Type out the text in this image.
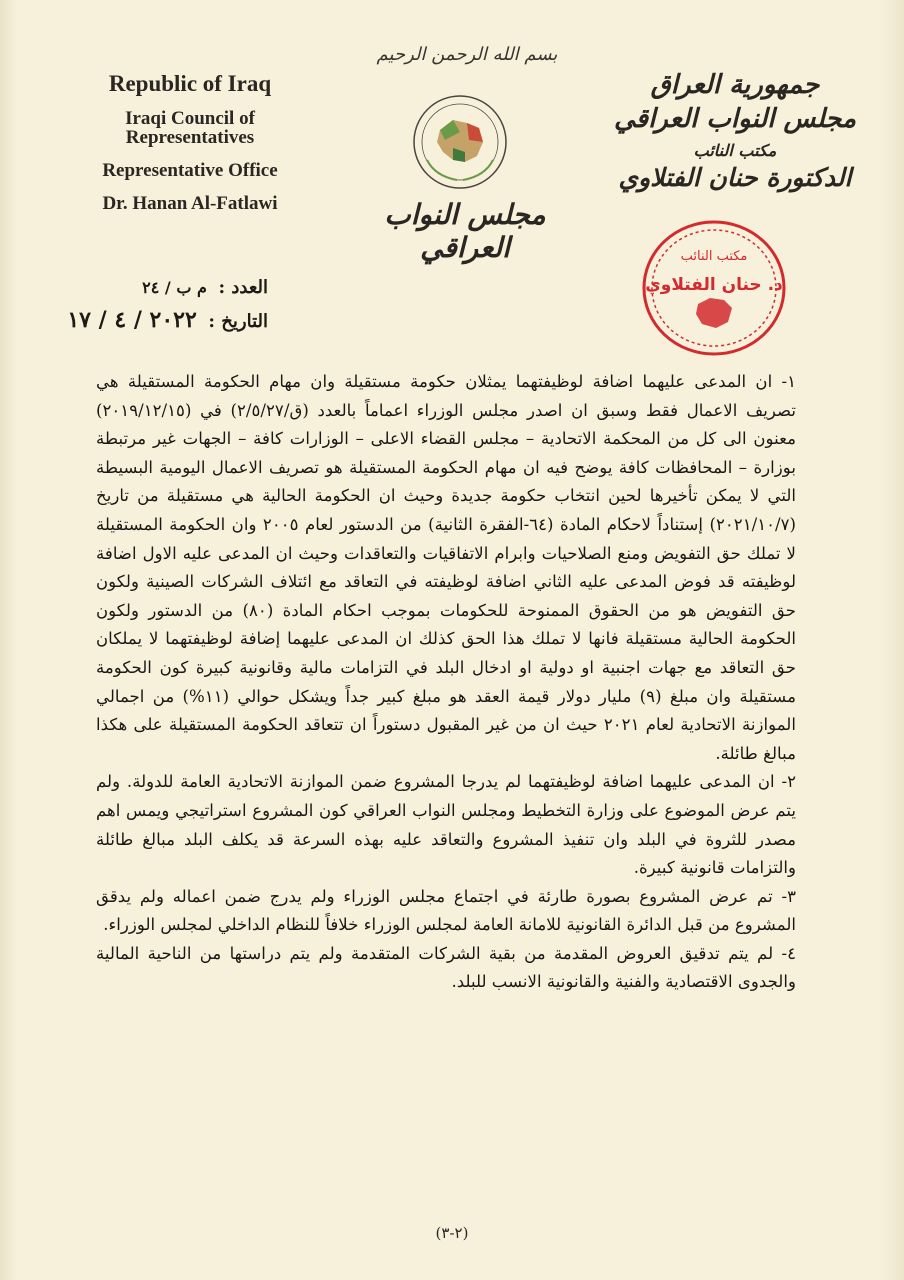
Republic of Iraq
Iraqi Council of Representatives
Representative Office
Dr. Hanan Al-Fatlawi
بسم الله الرحمن الرحيم
مجلس النواب العراقي
جمهورية العراق
مجلس النواب العراقي
مكتب النائب
الدكتورة حنان الفتلاوي
مكتب النائب
د. حنان الفتلاوي
العدد : م ب / ٢٤
التاريخ : ٢٠٢٢ / ٤ / ١٧

١- ان المدعى عليهما اضافة لوظيفتهما يمثلان حكومة مستقيلة وان مهام الحكومة المستقيلة هي تصريف الاعمال فقط وسبق ان اصدر مجلس الوزراء اعماماً بالعدد (ق/٢/٥/٢٧) في (٢٠١٩/١٢/١٥) معنون الى كل من المحكمة الاتحادية – مجلس القضاء الاعلى – الوزارات كافة – الجهات غير مرتبطة بوزارة – المحافظات كافة يوضح فيه ان مهام الحكومة المستقيلة هو تصريف الاعمال اليومية البسيطة التي لا يمكن تأخيرها لحين انتخاب حكومة جديدة وحيث ان الحكومة الحالية هي مستقيلة من تاريخ (٢٠٢١/١٠/٧) إستناداً لاحكام المادة (٦٤-الفقرة الثانية) من الدستور لعام ٢٠٠٥ وان الحكومة المستقيلة لا تملك حق التفويض ومنع الصلاحيات وابرام الاتفاقيات والتعاقدات وحيث ان المدعى عليه الاول اضافة لوظيفته قد فوض المدعى عليه الثاني اضافة لوظيفته في التعاقد مع ائتلاف الشركات الصينية ولكون حق التفويض هو من الحقوق الممنوحة للحكومات بموجب احكام المادة (٨٠) من الدستور ولكون الحكومة الحالية مستقيلة فانها لا تملك هذا الحق كذلك ان المدعى عليهما إضافة لوظيفتهما لا يملكان حق التعاقد مع جهات اجنبية او دولية او ادخال البلد في التزامات مالية وقانونية كبيرة كون الحكومة مستقيلة وان مبلغ (٩) مليار دولار قيمة العقد هو مبلغ كبير جداً ويشكل حوالي (١١%) من اجمالي الموازنة الاتحادية لعام ٢٠٢١ حيث ان من غير المقبول دستوراً ان تتعاقد الحكومة المستقيلة على هكذا مبالغ طائلة.

٢- ان المدعى عليهما اضافة لوظيفتهما لم يدرجا المشروع ضمن الموازنة الاتحادية العامة للدولة. ولم يتم عرض الموضوع على وزارة التخطيط ومجلس النواب العراقي كون المشروع استراتيجي ويمس اهم مصدر للثروة في البلد وان تنفيذ المشروع والتعاقد عليه بهذه السرعة قد يكلف البلد مبالغ طائلة والتزامات قانونية كبيرة.

٣- تم عرض المشروع بصورة طارئة في اجتماع مجلس الوزراء ولم يدرج ضمن اعماله ولم يدقق المشروع من قبل الدائرة القانونية للامانة العامة لمجلس الوزراء خلافاً للنظام الداخلي لمجلس الوزراء.

٤- لم يتم تدقيق العروض المقدمة من بقية الشركات المتقدمة ولم يتم دراستها من الناحية المالية والجدوى الاقتصادية والفنية والقانونية الانسب للبلد.

(٢-٣)
